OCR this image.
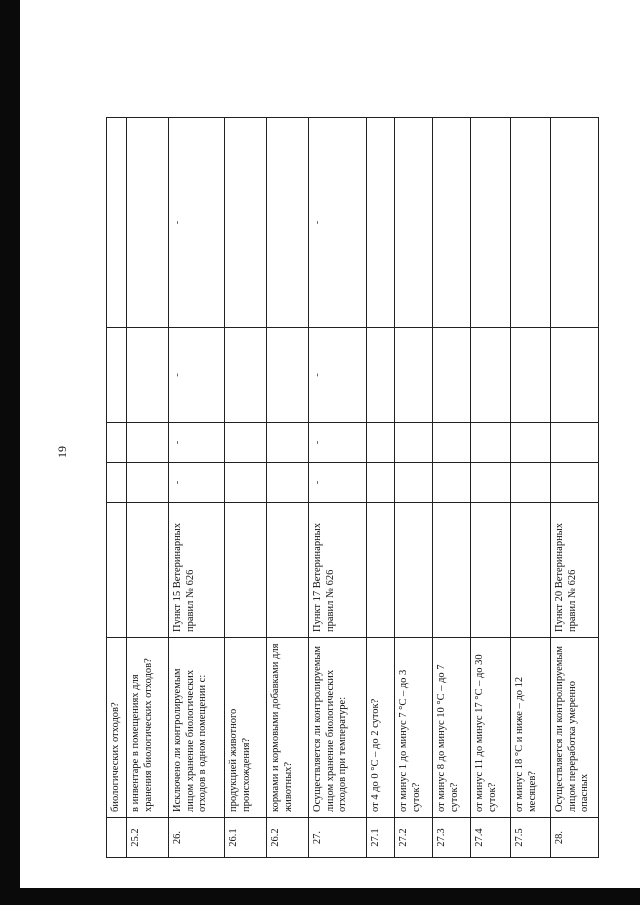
19
	биологических отходов?					
25.2	в инвентаре в помещениях для хранения биологических отходов?					
26.	Исключено ли контролируемым лицом хранение биологических отходов в одном помещении с:	Пункт 15 Ветеринарных правил № 626	-	-	-	-
26.1	продукцией животного происхождения?					
26.2	кормами и кормовыми добавками для животных?					
27.	Осуществляется ли контролируемым лицом хранение биологических отходов при температуре:	Пункт 17 Ветеринарных правил № 626	-	-	-	-
27.1	от 4 до 0 °С – до 2 суток?					
27.2	от минус 1 до минус 7 °С – до 3 суток?					
27.3	от минус 8 до минус 10 °С – до 7 суток?					
27.4	от минус 11 до минус 17 °С – до 30 суток?					
27.5	от минус 18 °С и ниже – до 12 месяцев?					
28.	Осуществляется ли контролируемым лицом переработка умеренно опасных	Пункт 20 Ветеринарных правил № 626				
